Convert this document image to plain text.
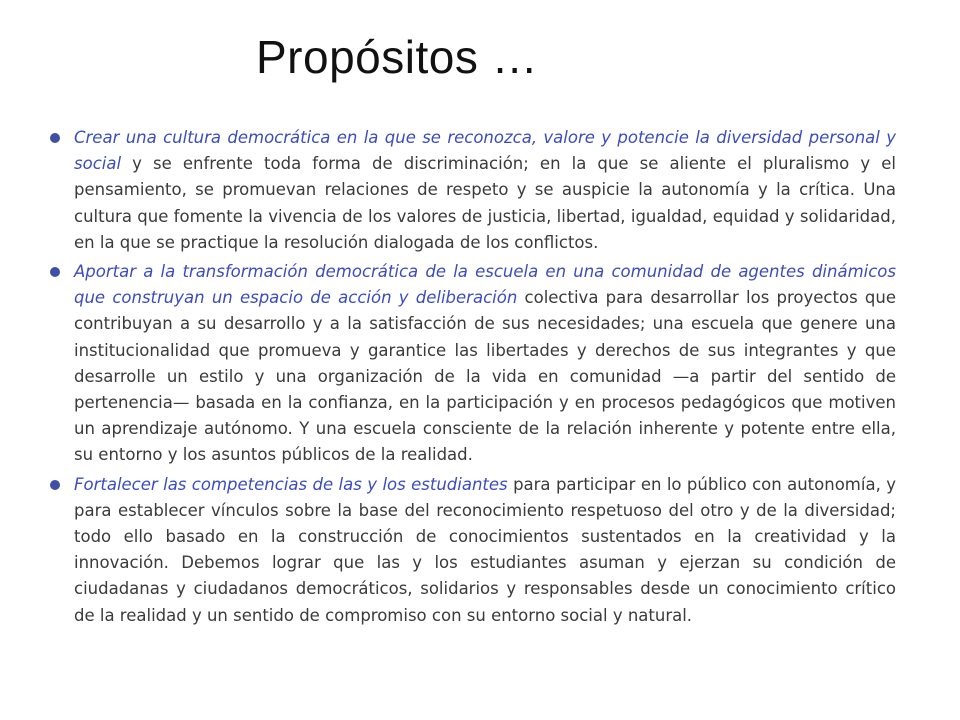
Propósitos …
Crear una cultura democrática en la que se reconozca, valore y potencie la diversidad personal y social y se enfrente toda forma de discriminación; en la que se aliente el pluralismo y el pensamiento, se promuevan relaciones de respeto y se auspicie la autonomía y la crítica. Una cultura que fomente la vivencia de los valores de justicia, libertad, igualdad, equidad y solidaridad, en la que se practique la resolución dialogada de los conflictos.
Aportar a la transformación democrática de la escuela en una comunidad de agentes dinámicos que construyan un espacio de acción y deliberación colectiva para desarrollar los proyectos que contribuyan a su desarrollo y a la satisfacción de sus necesidades; una escuela que genere una institucionalidad que promueva y garantice las libertades y derechos de sus integrantes y que desarrolle un estilo y una organización de la vida en comunidad —a partir del sentido de pertenencia— basada en la confianza, en la participación y en procesos pedagógicos que motiven un aprendizaje autónomo. Y una escuela consciente de la relación inherente y potente entre ella, su entorno y los asuntos públicos de la realidad.
Fortalecer las competencias de las y los estudiantes para participar en lo público con autonomía, y para establecer vínculos sobre la base del reconocimiento respetuoso del otro y de la diversidad; todo ello basado en la construcción de conocimientos sustentados en la creatividad y la innovación. Debemos lograr que las y los estudiantes asuman y ejerzan su condición de ciudadanas y ciudadanos democráticos, solidarios y responsables desde un conocimiento crítico de la realidad y un sentido de compromiso con su entorno social y natural.
